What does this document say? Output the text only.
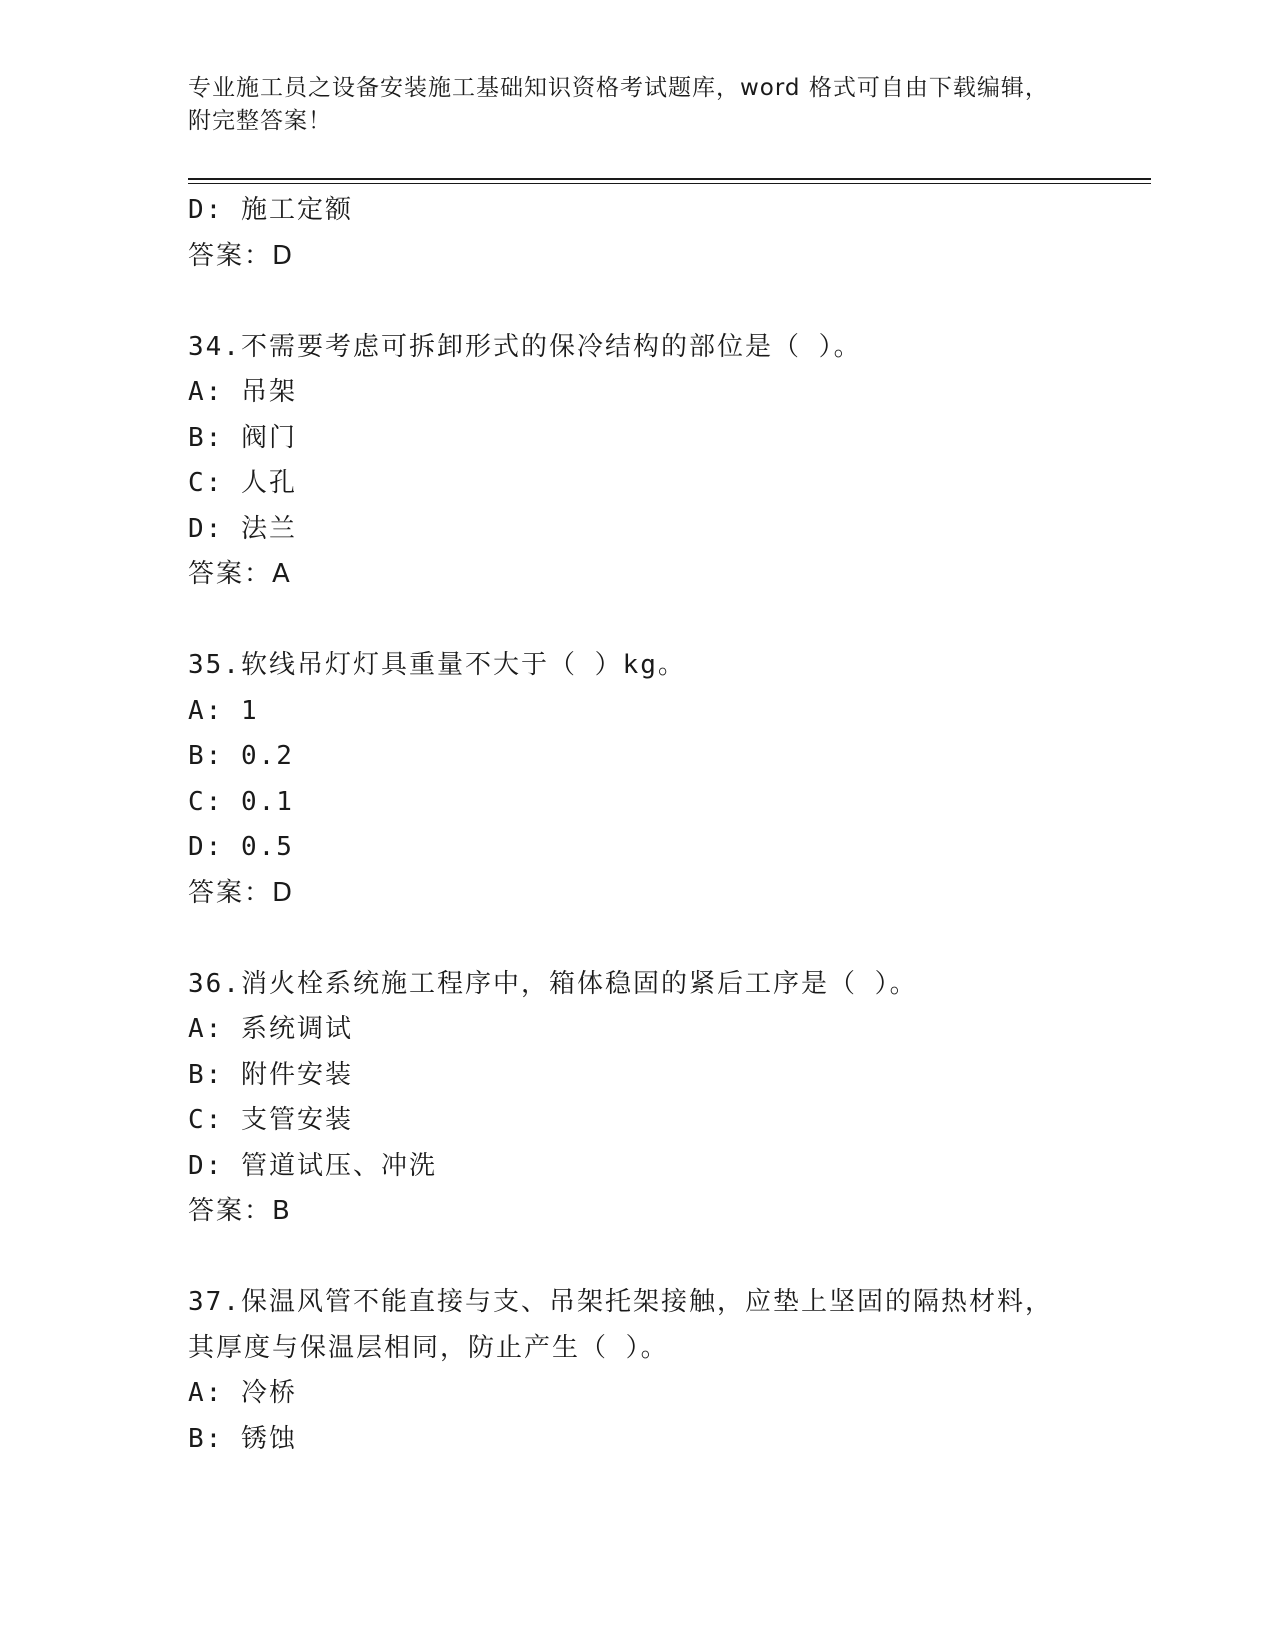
专业施工员之设备安装施工基础知识资格考试题库，word 格式可自由下载编辑，
附完整答案！
D: 施工定额
答案：D
34.不需要考虑可拆卸形式的保冷结构的部位是（ ）。
A: 吊架
B: 阀门
C: 人孔
D: 法兰
答案：A
35.软线吊灯灯具重量不大于（ ）kg。
A: 1
B: 0.2
C: 0.1
D: 0.5
答案：D
36.消火栓系统施工程序中，箱体稳固的紧后工序是（ ）。
A: 系统调试
B: 附件安装
C: 支管安装
D: 管道试压、冲洗
答案：B
37.保温风管不能直接与支、吊架托架接触，应垫上坚固的隔热材料，
其厚度与保温层相同，防止产生（ ）。
A: 冷桥
B: 锈蚀
